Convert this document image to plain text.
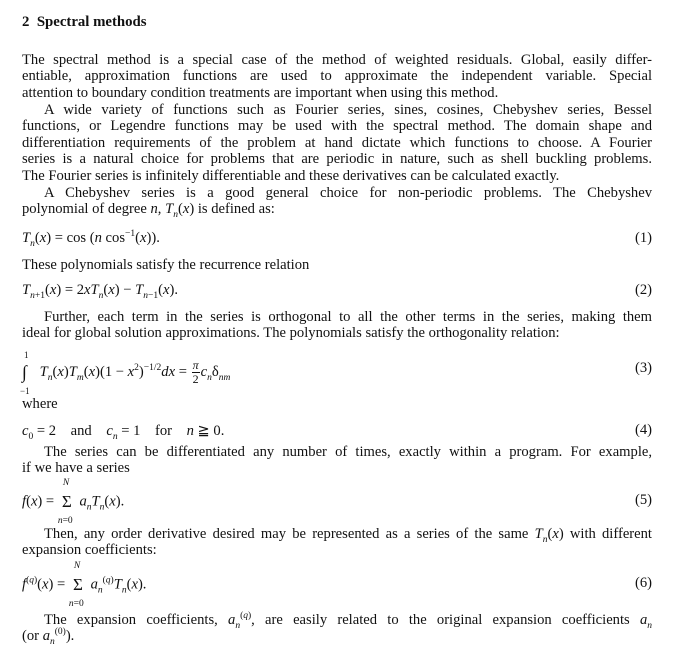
2 Spectral methods
The spectral method is a special case of the method of weighted residuals. Global, easily differ-
entiable, approximation functions are used to approximate the independent variable. Special
attention to boundary condition treatments are important when using this method.
A wide variety of functions such as Fourier series, sines, cosines, Chebyshev series, Bessel
functions, or Legendre functions may be used with the spectral method. The domain shape and
differentiation requirements of the problem at hand dictate which functions to choose. A Fourier
series is a natural choice for problems that are periodic in nature, such as shell buckling problems.
The Fourier series is infinitely differentiable and these derivatives can be calculated exactly.
A Chebyshev series is a good general choice for non-periodic problems. The Chebyshev
polynomial of degree n, $T_n(x)$ is defined as:
$T_n(x) = \cos (n$ $\cos^{-1}(x)$).	(1)
These polynomials satisfy the recurrence relation
$T_{n+1}(x) = 2xT_n(x) - T_{n-1}(x)$.	(2)
Further, each term in the series is orthogonal to all the other terms in the series, making them
ideal for global solution approximations. The polynomials satisfy the orthogonality relation:
1
∫
−1
$T_n(x)T_m(x)(1 - x^2)^{-1/2}dx = \frac{\pi}{2} c_n\delta_{nm}$
(3)
where
$c_0 = 2$    and $c_n = 1$    for n ≧ 0.	(4)
The series can be differentiated any number of times, exactly within a program. For example,
if we have a series
f(x) =
N
Σ
n=0
$a_nT_n(x)$.	(5)
Then, any order derivative desired may be represented as a series of the same $T_n(x)$ with different
expansion coefficients:
$f^{(q)}(x)$ =
N
Σ
n=0
$a_n^{(q)}T_n(x)$.	(6)
The expansion coefficients, $a_n^{(q)}$, are easily related to the original expansion coefficients $a_n$
(or $a_n^{(0)}$).
